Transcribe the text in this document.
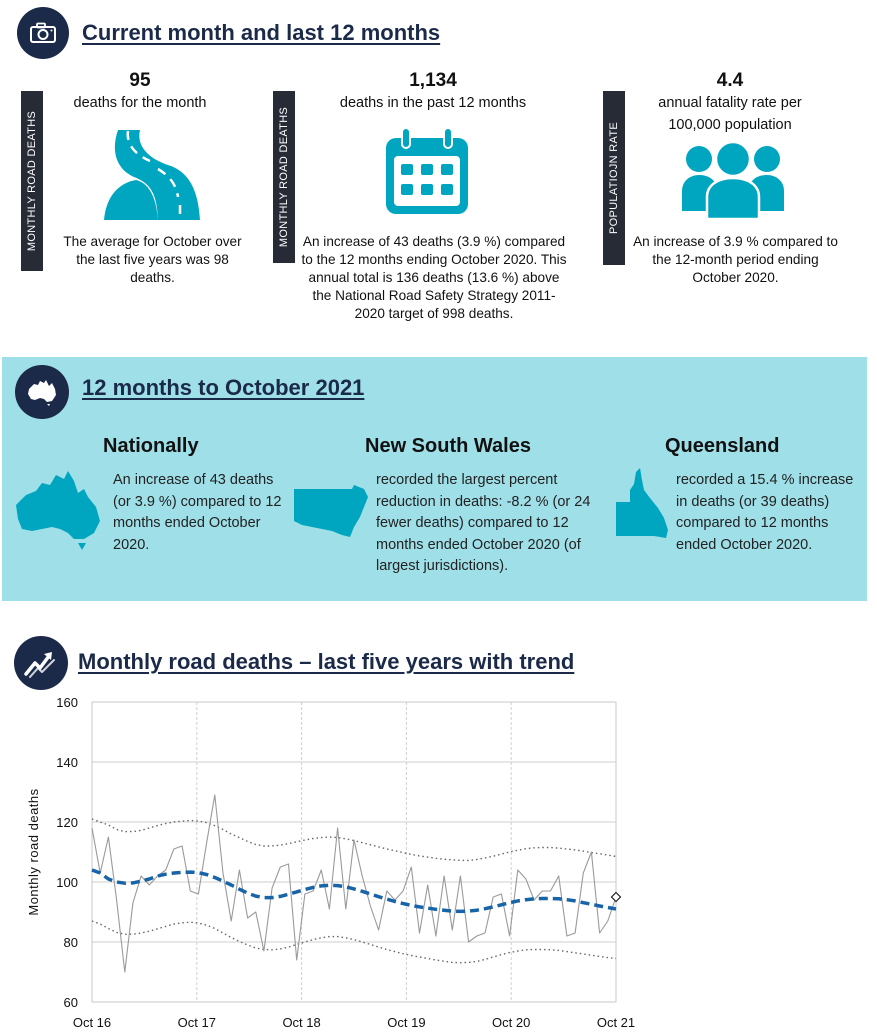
Current month and last 12 months
MONTHLY ROAD DEATHS
95
deaths for the month
The average for October over the last five years was 98 deaths.
MONTHLY ROAD DEATHS
1,134
deaths in the past 12 months
An increase of 43 deaths (3.9 %) compared to the 12 months ending October 2020. This annual total is 136 deaths (13.6 %) above the National Road Safety Strategy 2011-2020 target of 998 deaths.
POPULATIOJN RATE
4.4
annual fatality rate per 100,000 population
An increase of 3.9 % compared to the 12-month period ending October 2020.
12 months to October 2021
Nationally
An increase of 43 deaths (or 3.9 %) compared to 12 months ended October 2020.
New South Wales
recorded the largest percent reduction in deaths: -8.2 % (or 24 fewer deaths) compared to 12 months ended October 2020 (of largest jurisdictions).
Queensland
recorded a 15.4 % increase in deaths (or 39 deaths) compared to 12 months ended October 2020.
Monthly road deaths – last five years with trend
60
80
100
120
140
160
Oct 16	Oct 17	Oct 18	Oct 19	Oct 20	Oct 21
Monthly road deaths
